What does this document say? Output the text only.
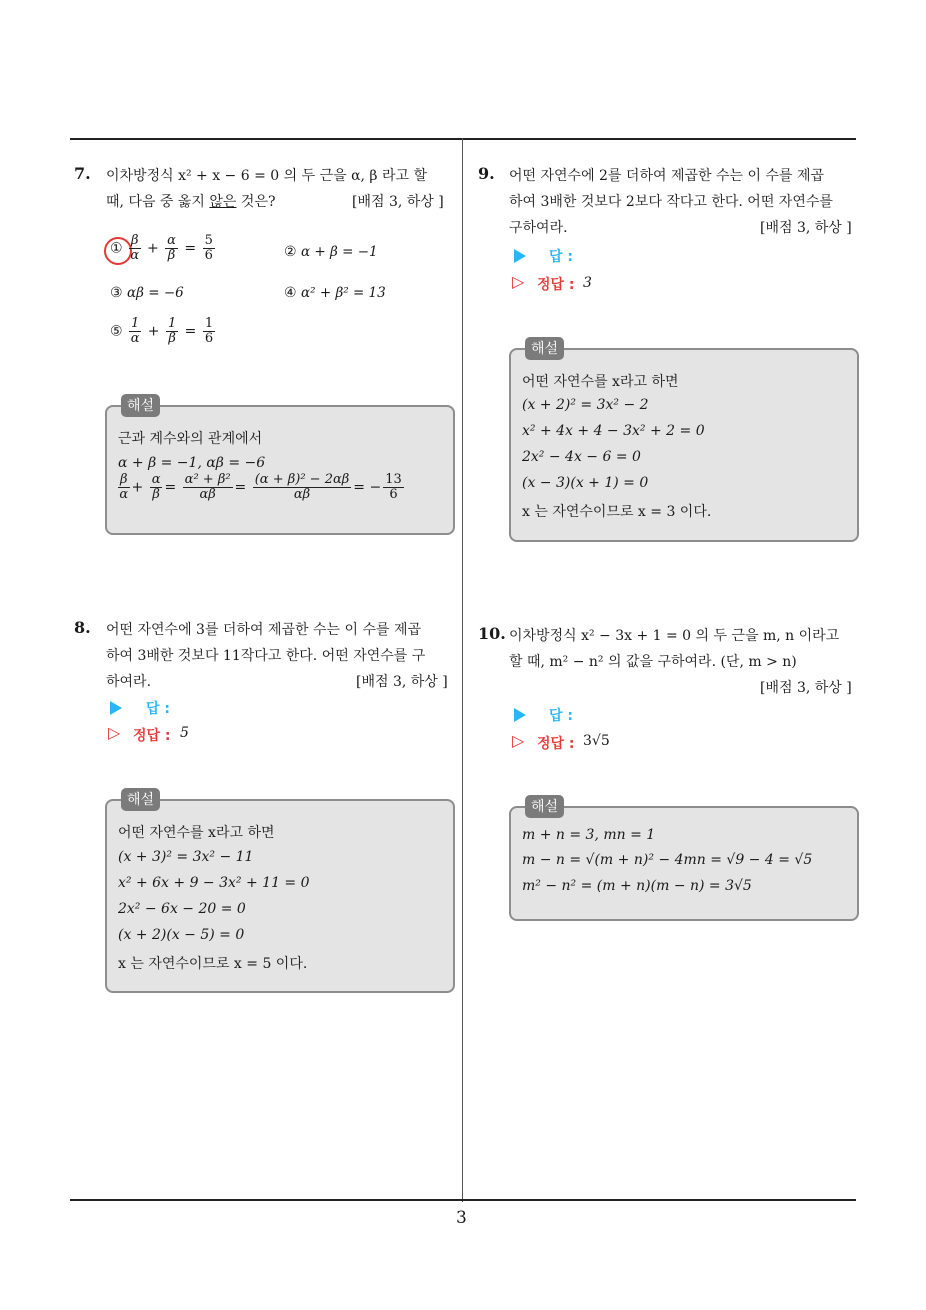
3
7. 이차방정식 x² + x − 6 = 0 의 두 근을 α, β 라고 할
때, 다음 중 옳지 않은 것은?	[배점 3, 하상 ]
① $\frac{\beta}{\alpha} + \frac{\alpha}{\beta} = \frac{5}{6}$	② α + β = −1
③ αβ = −6	④ α² + β² = 13
⑤ $\frac{1}{\alpha} + \frac{1}{\beta} = \frac{1}{6}$
해설
근과 계수와의 관계에서
α + β = −1, αβ = −6
$\frac{\beta}{\alpha} + \frac{\alpha}{\beta} = \frac{\text{α² + β²}}{\alpha\beta} = \frac{\text{(α + β)² − 2αβ}}{\alpha\beta}$ = − $\frac{13}{6}$
8. 어떤 자연수에 3를 더하여 제곱한 수는 이 수를 제곱
하여 3배한 것보다 11작다고 한다. 어떤 자연수를 구
하여라.	[배점 3, 하상 ]
답 :
▷ 정답 : 5
해설
어떤 자연수를 x라고 하면
(x + 3)² = 3x² − 11
x² + 6x + 9 − 3x² + 11 = 0
2x² − 6x − 20 = 0
(x + 2)(x − 5) = 0
x 는 자연수이므로 x = 5 이다.
9. 어떤 자연수에 2를 더하여 제곱한 수는 이 수를 제곱
하여 3배한 것보다 2보다 작다고 한다. 어떤 자연수를
구하여라.	[배점 3, 하상 ]
답 :
▷ 정답 : 3
해설
어떤 자연수를 x라고 하면
(x + 2)² = 3x² − 2
x² + 4x + 4 − 3x² + 2 = 0
2x² − 4x − 6 = 0
(x − 3)(x + 1) = 0
x 는 자연수이므로 x = 3 이다.
10. 이차방정식 x² − 3x + 1 = 0 의 두 근을 m, n 이라고
할 때, m² − n² 의 값을 구하여라. (단, m > n)
[배점 3, 하상 ]
답 :
▷ 정답 : 3√5
해설
m + n = 3, mn = 1
m − n = √(m + n)² − 4mn = √9 − 4 = √5
m² − n² = (m + n)(m − n) = 3√5
